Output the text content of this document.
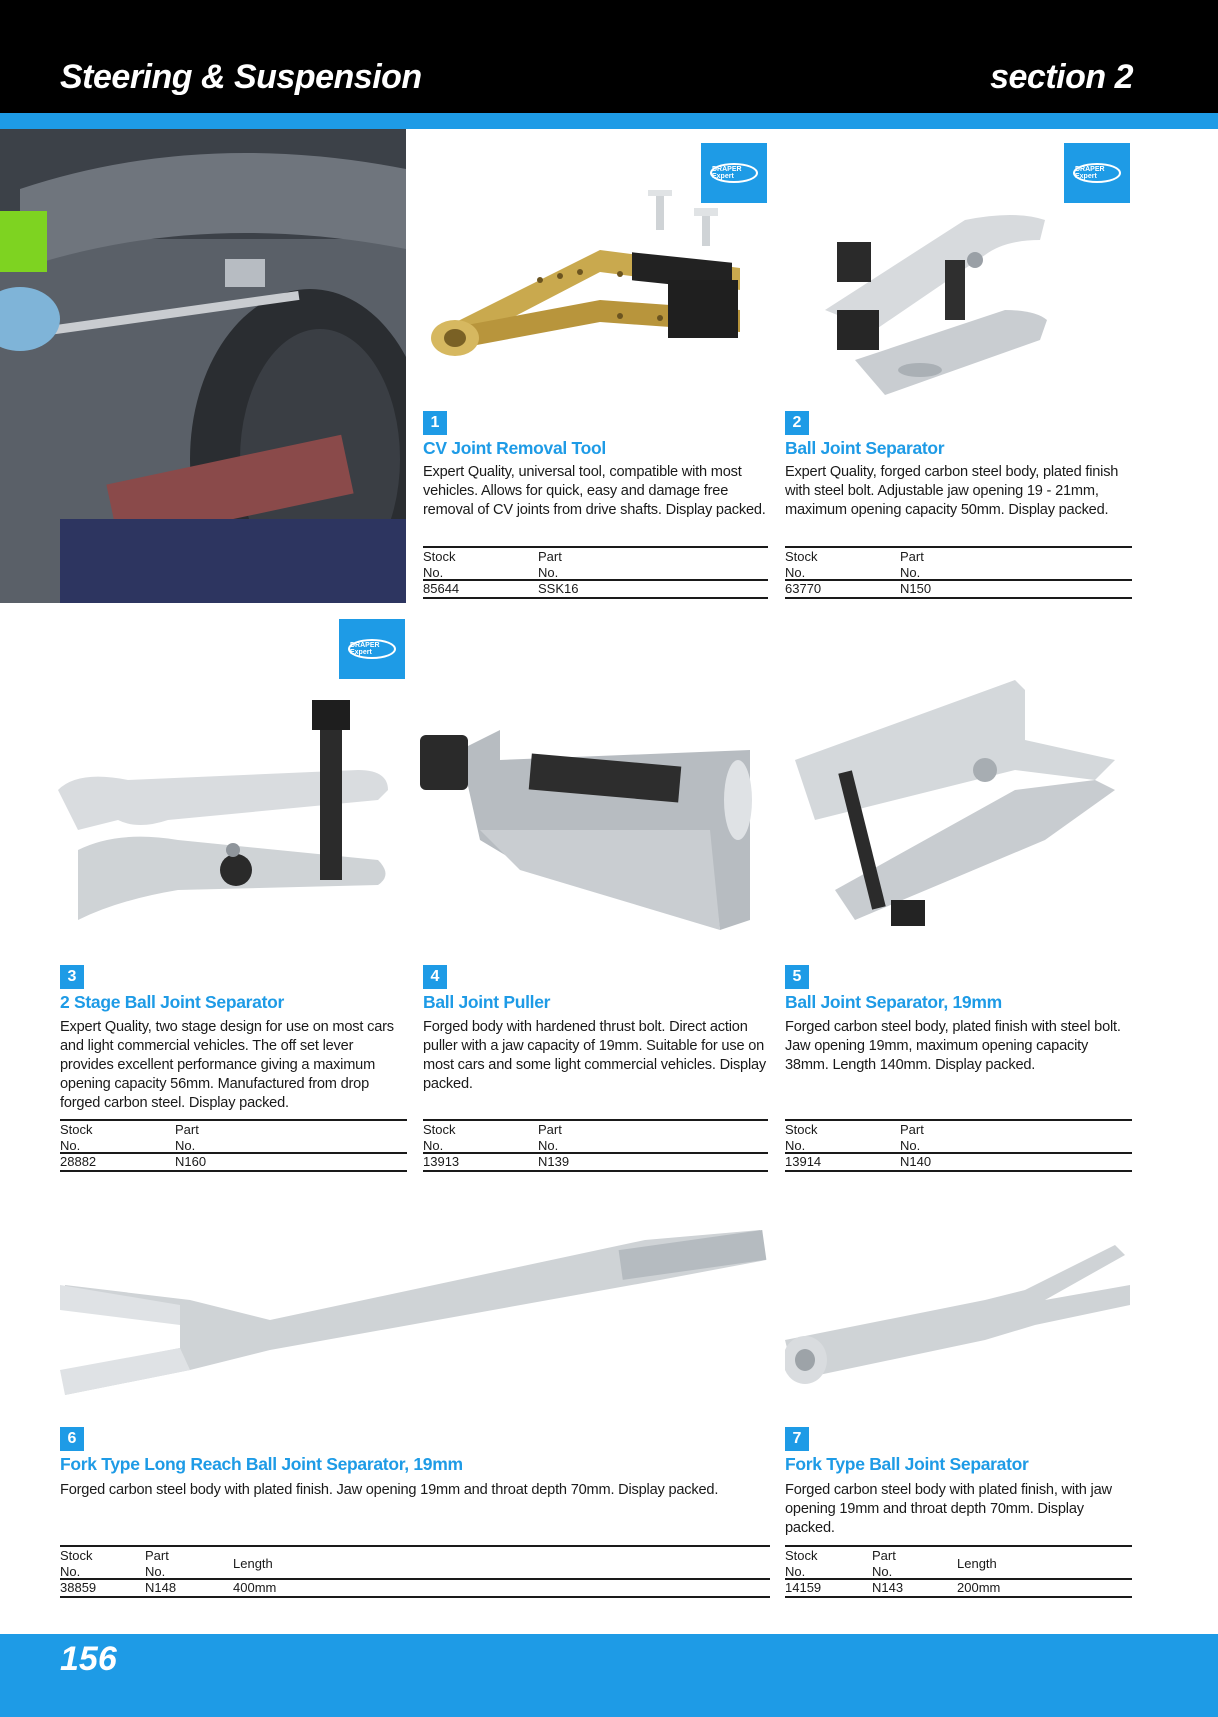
Steering & Suspension	section 2
DRAPER Expert
DRAPER Expert
DRAPER Expert
1
CV Joint Removal Tool
Expert Quality, universal tool, compatible with most vehicles. Allows for quick, easy and damage free removal of CV joints from drive shafts. Display packed.
Stock
No.
Part
No.
85644	SSK16
2
Ball Joint Separator
Expert Quality, forged carbon steel body, plated finish with steel bolt. Adjustable jaw opening 19 - 21mm, maximum opening capacity 50mm. Display packed.
Stock
No.
Part
No.
63770	N150
3
2 Stage Ball Joint Separator
Expert Quality, two stage design for use on most cars and light commercial vehicles. The off set lever provides excellent performance giving a maximum opening capacity 56mm. Manufactured from drop forged carbon steel. Display packed.
Stock
No.
Part
No.
28882	N160
4
Ball Joint Puller
Forged body with hardened thrust bolt. Direct action puller with a jaw capacity of 19mm. Suitable for use on most cars and some light commercial vehicles. Display packed.
Stock
No.
Part
No.
13913	N139
5
Ball Joint Separator, 19mm
Forged carbon steel body, plated finish with steel bolt. Jaw opening 19mm, maximum opening capacity 38mm. Length 140mm. Display packed.
Stock
No.
Part
No.
13914	N140
6
Fork Type Long Reach Ball Joint Separator, 19mm
Forged carbon steel body with plated finish. Jaw opening 19mm and throat depth 70mm. Display packed.
Stock
No.
Part
No.
Length
38859	N148	400mm
7
Fork Type Ball Joint Separator
Forged carbon steel body with plated finish, with jaw opening 19mm and throat depth 70mm. Display packed.
Stock
No.
Part
No.
Length
14159	N143	200mm
156
